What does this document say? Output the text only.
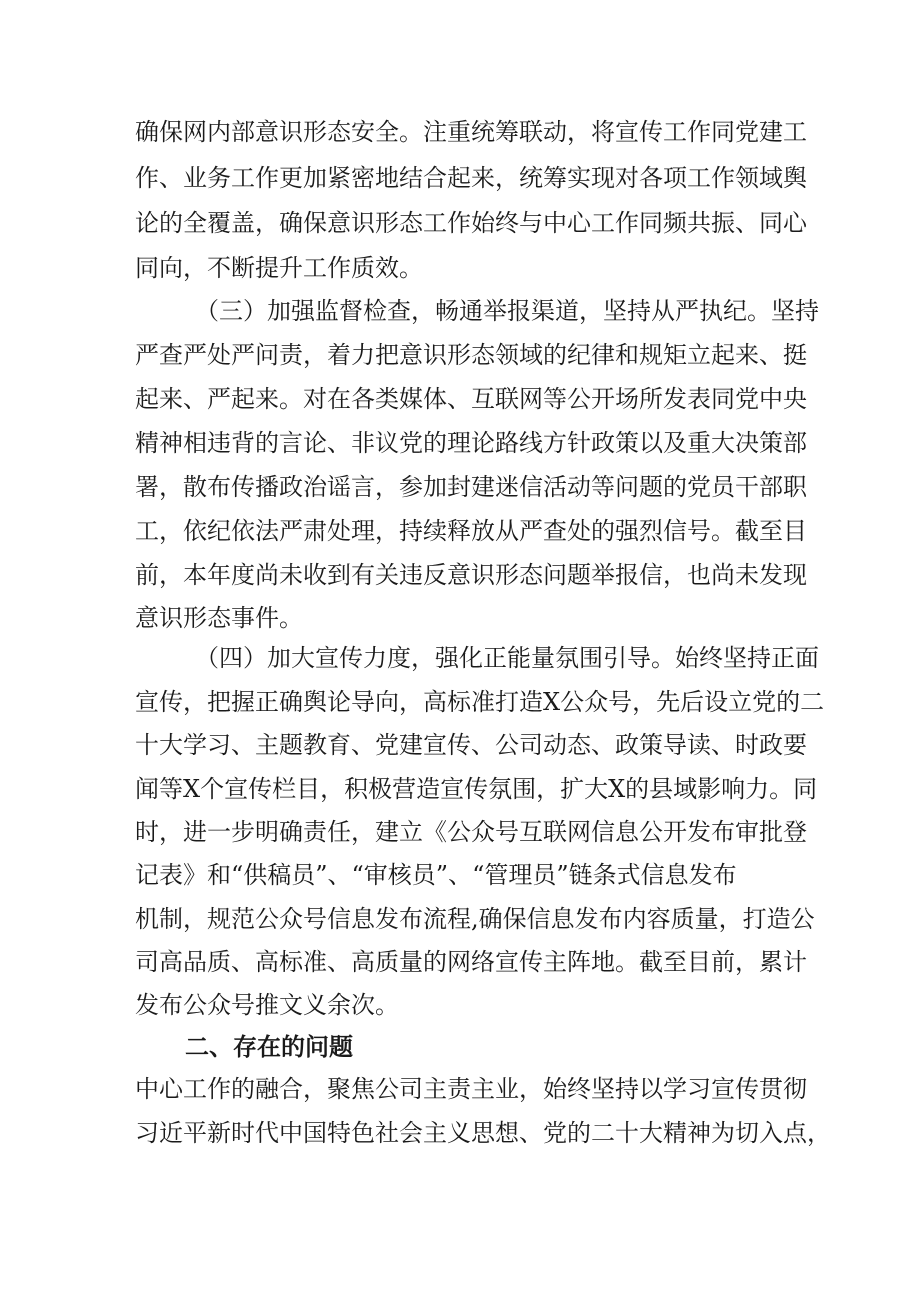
确保网内部意识形态安全。注重统筹联动，将宣传工作同党建工
作、业务工作更加紧密地结合起来，统筹实现对各项工作领域舆
论的全覆盖，确保意识形态工作始终与中心工作同频共振、同心
同向，不断提升工作质效。
（三）加强监督检查，畅通举报渠道，坚持从严执纪。坚持
严查严处严问责，着力把意识形态领域的纪律和规矩立起来、挺
起来、严起来。对在各类媒体、互联网等公开场所发表同党中央
精神相违背的言论、非议党的理论路线方针政策以及重大决策部
署，散布传播政治谣言，参加封建迷信活动等问题的党员干部职
工，依纪依法严肃处理，持续释放从严查处的强烈信号。截至目
前，本年度尚未收到有关违反意识形态问题举报信，也尚未发现
意识形态事件。
（四）加大宣传力度，强化正能量氛围引导。始终坚持正面
宣传，把握正确舆论导向，高标准打造X公众号，先后设立党的二
十大学习、主题教育、党建宣传、公司动态、政策导读、时政要
闻等X个宣传栏目，积极营造宣传氛围，扩大X的县域影响力。同
时，进一步明确责任，建立《公众号互联网信息公开发布审批登
记表》和“供稿员”、“审核员”、“管理员”链条式信息发布
机制，规范公众号信息发布流程,确保信息发布内容质量，打造公
司高品质、高标准、高质量的网络宣传主阵地。截至目前，累计
发布公众号推文义余次。
二、存在的问题
中心工作的融合，聚焦公司主责主业，始终坚持以学习宣传贯彻
习近平新时代中国特色社会主义思想、党的二十大精神为切入点，
